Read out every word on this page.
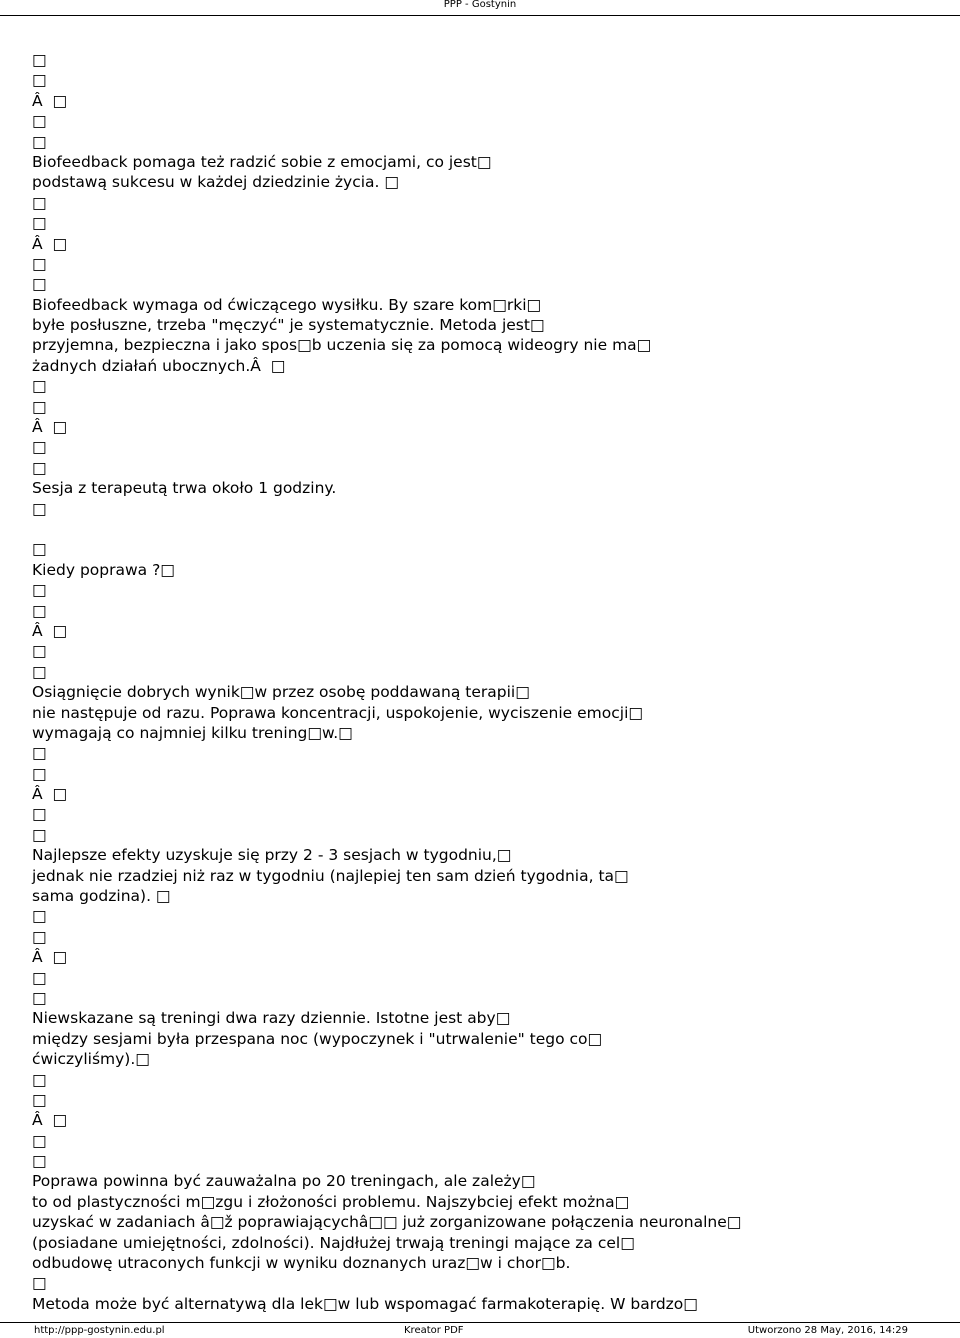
PPP - Gostynin
□
□
Â  □
□
□
Biofeedback pomaga też radzić sobie z emocjami, co jest□
podstawą sukcesu w każdej dziedzinie życia. □
□
□
Â  □
□
□
Biofeedback wymaga od ćwiczącego wysiłku. By szare kom□rki□
byłe posłuszne, trzeba "męczyć" je systematycznie. Metoda jest□
przyjemna, bezpieczna i jako spos□b uczenia się za pomocą wideogry nie ma□
żadnych działań ubocznych.Â  □
□
□
Â  □
□
□
Sesja z terapeutą trwa około 1 godziny.
□
□
Kiedy poprawa ?□
□
□
Â  □
□
□
Osiągnięcie dobrych wynik□w przez osobę poddawaną terapii□
nie następuje od razu. Poprawa koncentracji, uspokojenie, wyciszenie emocji□
wymagają co najmniej kilku trening□w.□
□
□
Â  □
□
□
Najlepsze efekty uzyskuje się przy 2 - 3 sesjach w tygodniu,□
jednak nie rzadziej niż raz w tygodniu (najlepiej ten sam dzień tygodnia, ta□
sama godzina). □
□
□
Â  □
□
□
Niewskazane są treningi dwa razy dziennie. Istotne jest aby□
między sesjami była przespana noc (wypoczynek i "utrwalenie" tego co□
ćwiczyliśmy).□
□
□
Â  □
□
□
Poprawa powinna być zauważalna po 20 treningach, ale zależy□
to od plastyczności m□zgu i złożoności problemu. Najszybciej efekt można□
uzyskać w zadaniach â□ž poprawiającychâ□□ już zorganizowane połączenia neuronalne□
(posiadane umiejętności, zdolności). Najdłużej trwają treningi mające za cel□
odbudowę utraconych funkcji w wyniku doznanych uraz□w i chor□b.
□
Metoda może być alternatywą dla lek□w lub wspomagać farmakoterapię. W bardzo□
http://ppp-gostynin.edu.pl	Kreator PDF	Utworzono 28 May, 2016, 14:29
